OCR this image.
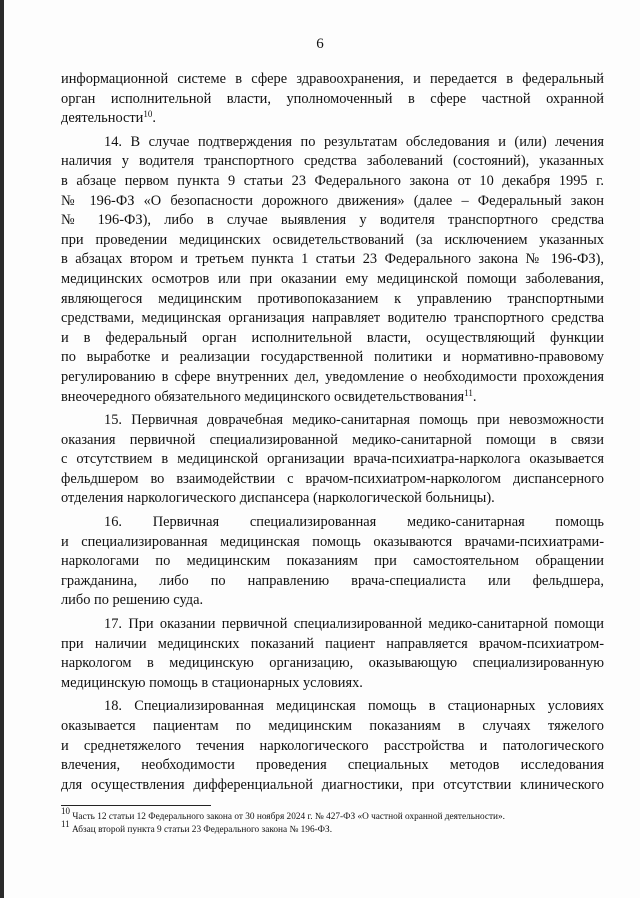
6
информационной системе в сфере здравоохранения, и передается в федеральный
орган исполнительной власти, уполномоченный в сфере частной охранной
деятельности$^{10}$.
14. В случае подтверждения по результатам обследования и (или) лечения
наличия у водителя транспортного средства заболеваний (состояний), указанных
в абзаце первом пункта 9 статьи 23 Федерального закона от 10 декабря 1995 г.
№ 196-ФЗ «О безопасности дорожного движения» (далее – Федеральный закон
№ 196-ФЗ), либо в случае выявления у водителя транспортного средства
при проведении медицинских освидетельствований (за исключением указанных
в абзацах втором и третьем пункта 1 статьи 23 Федерального закона № 196-ФЗ),
медицинских осмотров или при оказании ему медицинской помощи заболевания,
являющегося медицинским противопоказанием к управлению транспортными
средствами, медицинская организация направляет водителю транспортного средства
и в федеральный орган исполнительной власти, осуществляющий функции
по выработке и реализации государственной политики и нормативно-правовому
регулированию в сфере внутренних дел, уведомление о необходимости прохождения
внеочередного обязательного медицинского освидетельствования$^{11}$.
15. Первичная доврачебная медико-санитарная помощь при невозможности
оказания первичной специализированной медико-санитарной помощи в связи
с отсутствием в медицинской организации врача-психиатра-нарколога оказывается
фельдшером во взаимодействии с врачом-психиатром-наркологом диспансерного
отделения наркологического диспансера (наркологической больницы).
16. Первичная специализированная медико-санитарная помощь
и специализированная медицинская помощь оказываются врачами-психиатрами-
наркологами по медицинским показаниям при самостоятельном обращении
гражданина, либо по направлению врача-специалиста или фельдшера,
либо по решению суда.
17. При оказании первичной специализированной медико-санитарной помощи
при наличии медицинских показаний пациент направляется врачом-психиатром-
наркологом в медицинскую организацию, оказывающую специализированную
медицинскую помощь в стационарных условиях.
18. Специализированная медицинская помощь в стационарных условиях
оказывается пациентам по медицинским показаниям в случаях тяжелого
и среднетяжелого течения наркологического расстройства и патологического
влечения, необходимости проведения специальных методов исследования
для осуществления дифференциальной диагностики, при отсутствии клинического
$^{10}$ Часть 12 статьи 12 Федерального закона от 30 ноября 2024 г. № 427-ФЗ «О частной охранной деятельности».
$^{11}$ Абзац второй пункта 9 статьи 23 Федерального закона № 196-ФЗ.
